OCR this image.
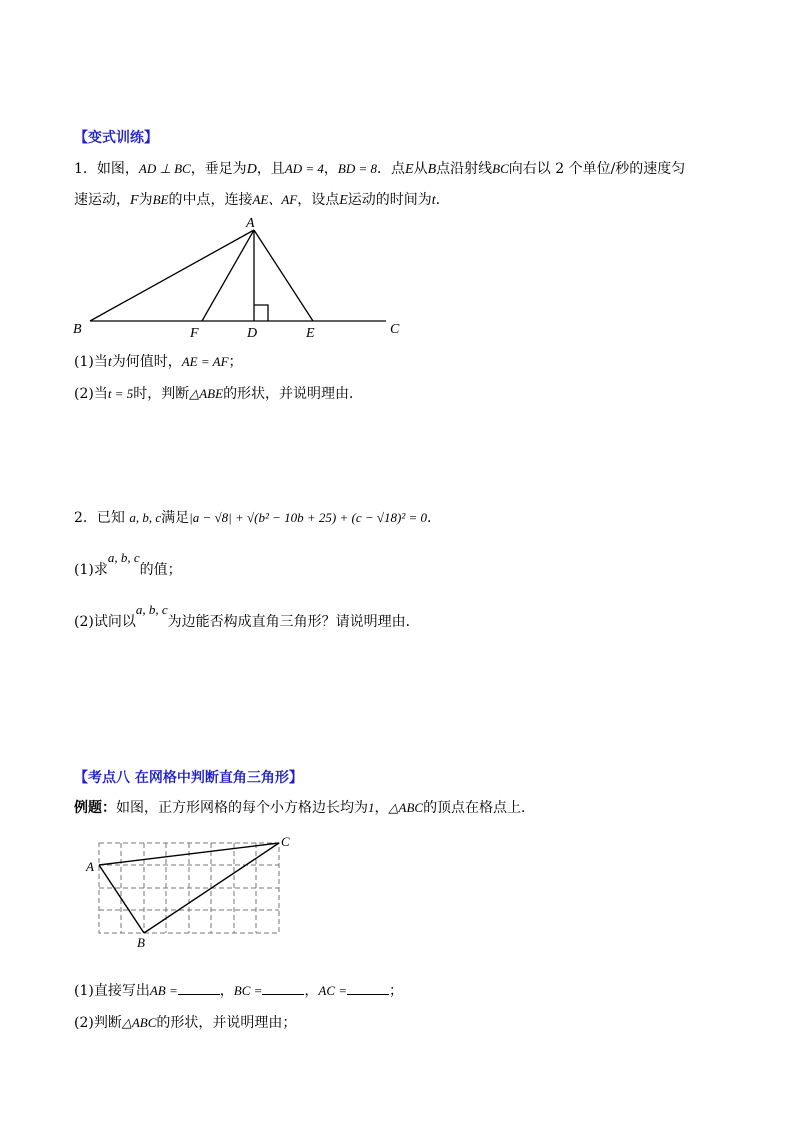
【变式训练】
1．如图，AD ⊥ BC，垂足为D，且AD = 4，BD = 8．点E从B点沿射线BC向右以 2 个单位/秒的速度匀
速运动，F为BE的中点，连接AE、AF，设点E运动的时间为t.
A
B	F	D	E	C
A
B
C
(1)当t为何值时，AE = AF；
(2)当t = 5时，判断△ABE的形状，并说明理由．
2．已知 a, b, c满足|a − √8| + √(b² − 10b + 25) + (c − √18)² = 0.
(1)求a, b, c的值；
(2)试问以a, b, c为边能否构成直角三角形？请说明理由．
【考点八 在网格中判断直角三角形】
例题：如图，正方形网格的每个小方格边长均为1，△ABC的顶点在格点上．
(1)直接写出AB =	，BC =	，AC =	；
(2)判断△ABC的形状，并说明理由；
